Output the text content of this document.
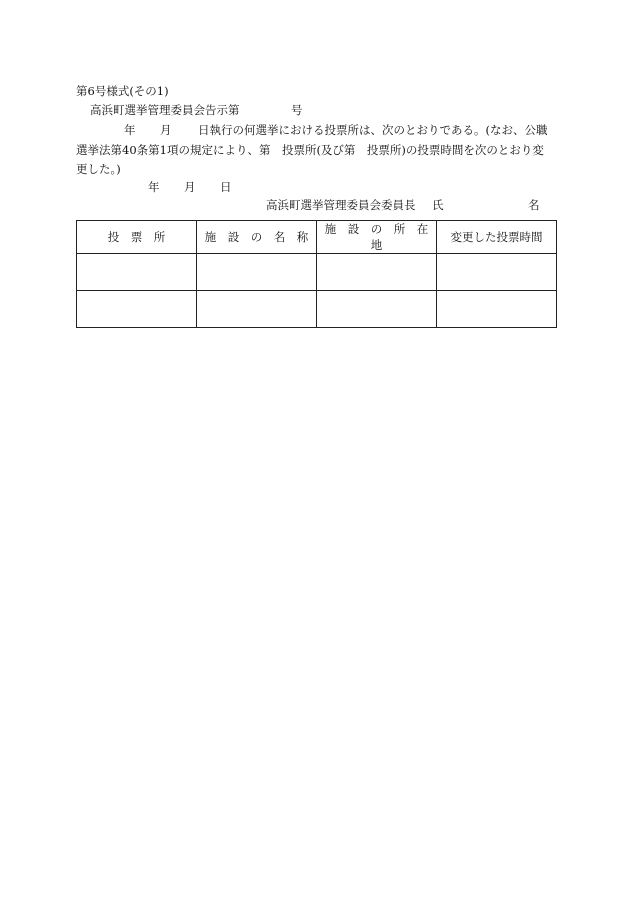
第6号様式(その1)
高浜町選挙管理委員会告示第	号
年 月 日執行の何選挙における投票所は、次のとおりである。(なお、公職
選挙法第40条第1項の規定により、第　投票所(及び第　投票所)の投票時間を次のとおり変
更した。)
年 月 日
高浜町選挙管理委員会委員長 氏	名
投　票　所	施　設　の　名　称	施　設　の　所　在　地	変更した投票時間
